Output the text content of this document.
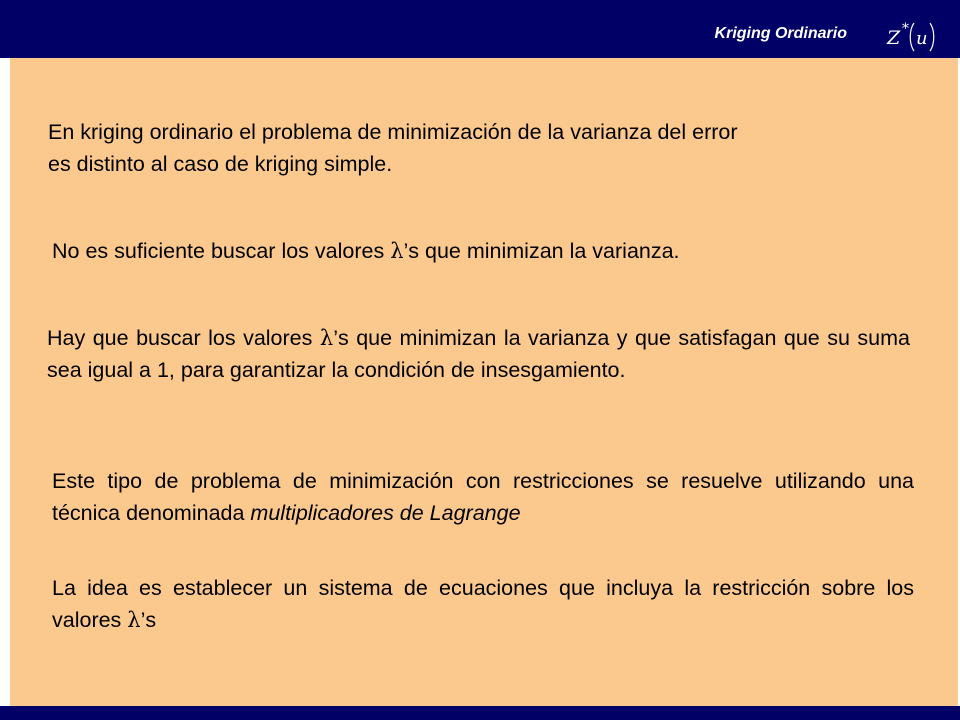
Kriging Ordinario Z * u
En kriging ordinario el problema de minimización de la varianza del error
es distinto al caso de kriging simple.

No es suficiente buscar los valores λ’s que minimizan la varianza.

Hay que buscar los valores λ’s que minimizan la varianza y que satisfagan que su suma sea igual a 1, para garantizar la condición de insesgamiento.

Este tipo de problema de minimización con restricciones se resuelve utilizando una técnica denominada multiplicadores de Lagrange

La idea es establecer un sistema de ecuaciones que incluya la restricción sobre los valores λ’s
